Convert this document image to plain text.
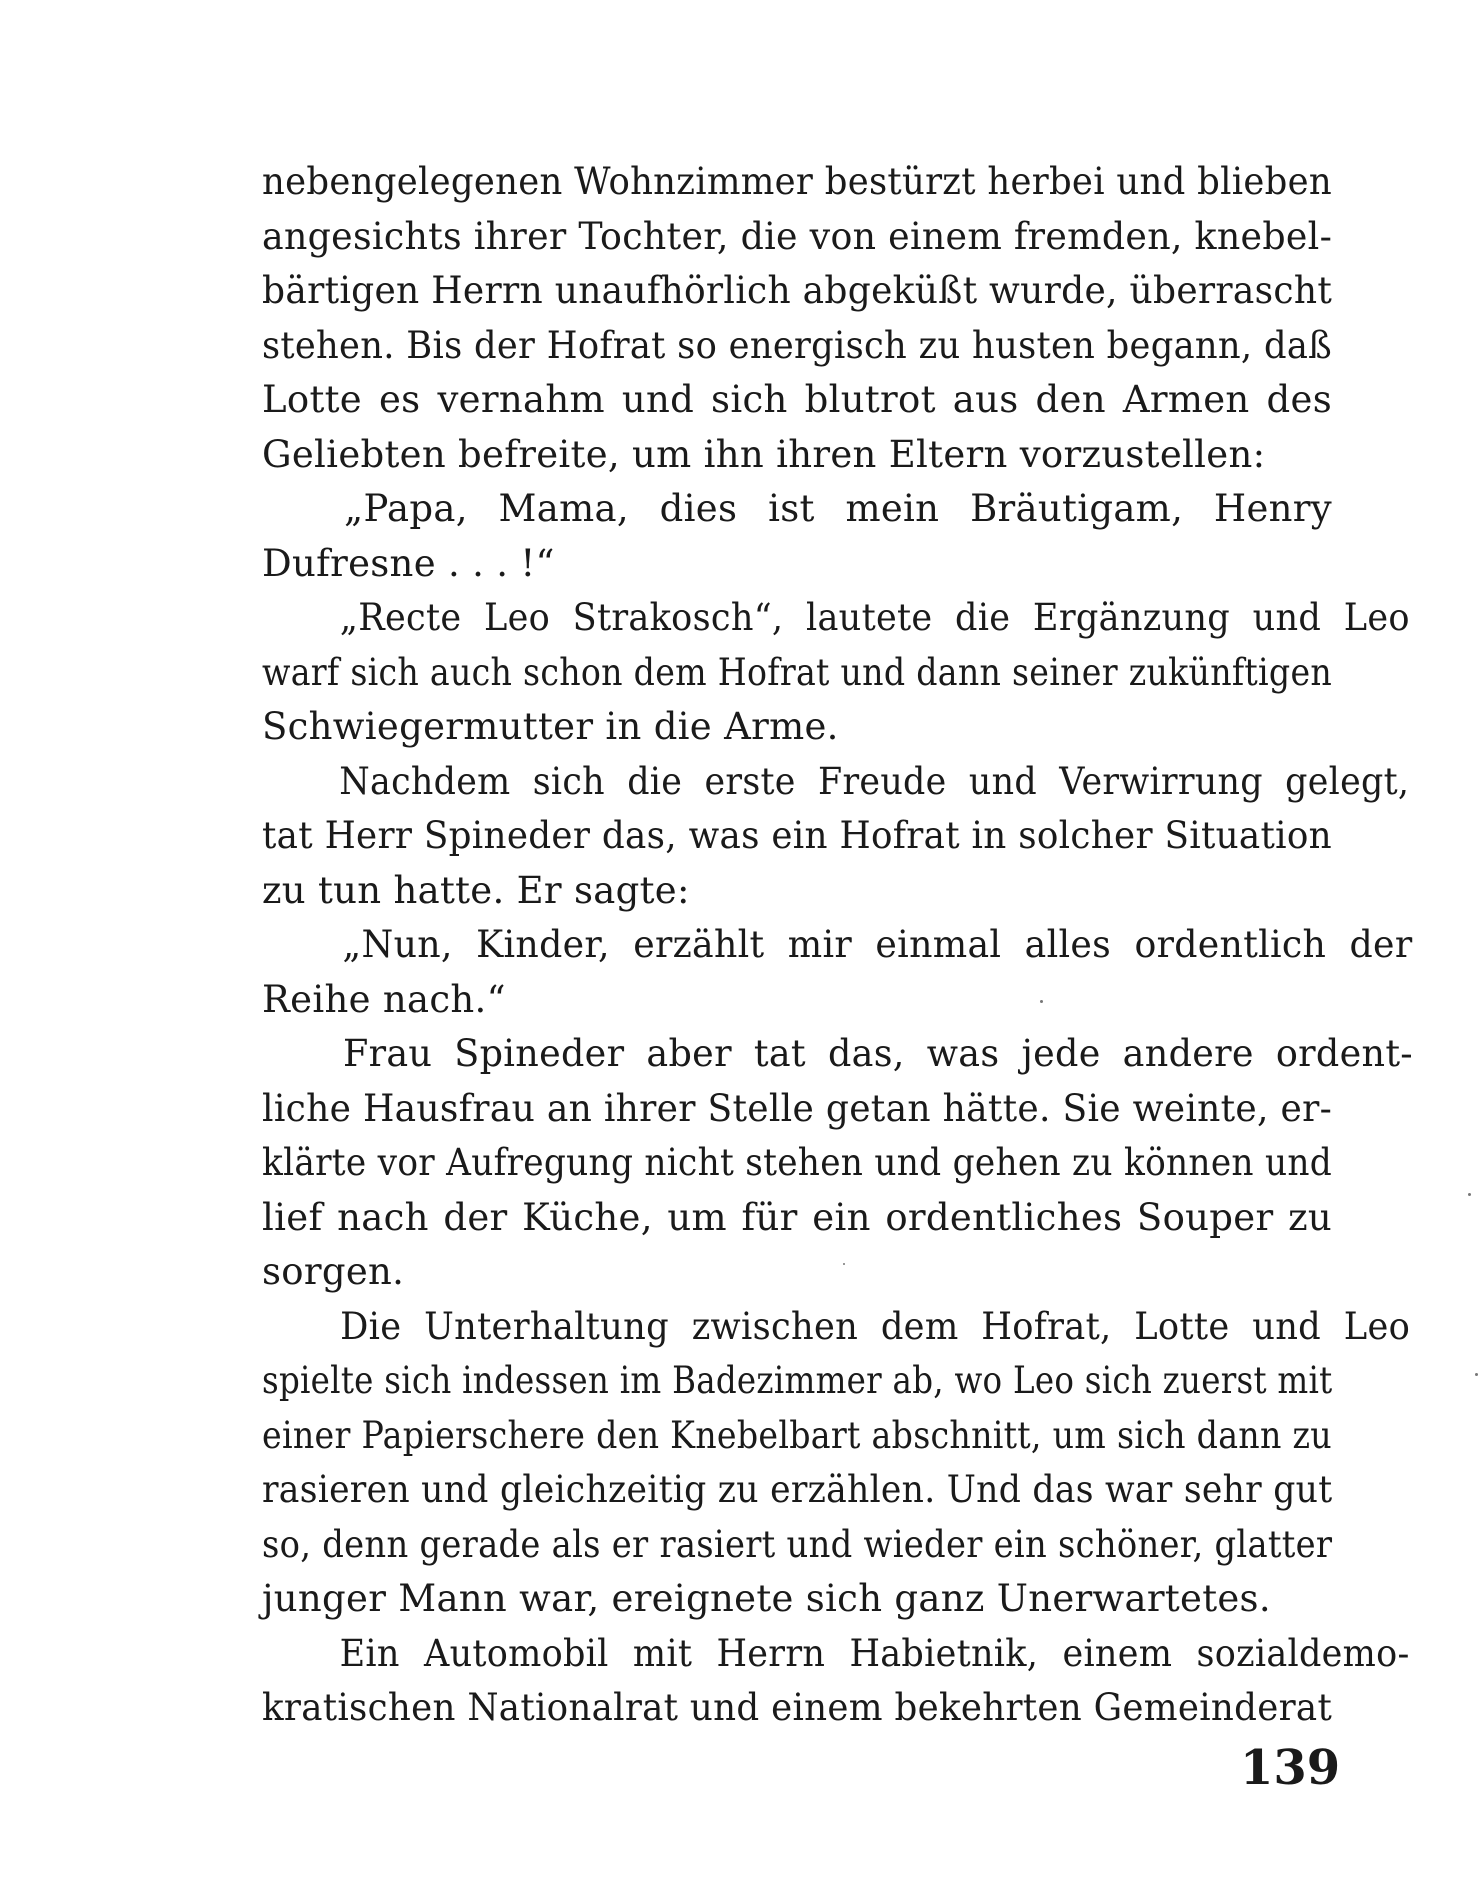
nebengelegenen Wohnzimmer bestürzt herbei und blieben
angesichts ihrer Tochter, die von einem fremden, knebel-
bärtigen Herrn unaufhörlich abgeküßt wurde, überrascht
stehen. Bis der Hofrat so energisch zu husten begann, daß
Lotte es vernahm und sich blutrot aus den Armen des
Geliebten befreite, um ihn ihren Eltern vorzustellen:
„Papa, Mama, dies ist mein Bräutigam, Henry
Dufresne . . . !“
„Recte Leo Strakosch“, lautete die Ergänzung und Leo
warf sich auch schon dem Hofrat und dann seiner zukünftigen
Schwiegermutter in die Arme.
Nachdem sich die erste Freude und Verwirrung gelegt,
tat Herr Spineder das, was ein Hofrat in solcher Situation
zu tun hatte. Er sagte:
„Nun, Kinder, erzählt mir einmal alles ordentlich der
Reihe nach.“
Frau Spineder aber tat das, was jede andere ordent-
liche Hausfrau an ihrer Stelle getan hätte. Sie weinte, er-
klärte vor Aufregung nicht stehen und gehen zu können und
lief nach der Küche, um für ein ordentliches Souper zu
sorgen.
Die Unterhaltung zwischen dem Hofrat, Lotte und Leo
spielte sich indessen im Badezimmer ab, wo Leo sich zuerst mit
einer Papierschere den Knebelbart abschnitt, um sich dann zu
rasieren und gleichzeitig zu erzählen. Und das war sehr gut
so, denn gerade als er rasiert und wieder ein schöner, glatter
junger Mann war, ereignete sich ganz Unerwartetes.
Ein Automobil mit Herrn Habietnik, einem sozialdemo-
kratischen Nationalrat und einem bekehrten Gemeinderat
139
